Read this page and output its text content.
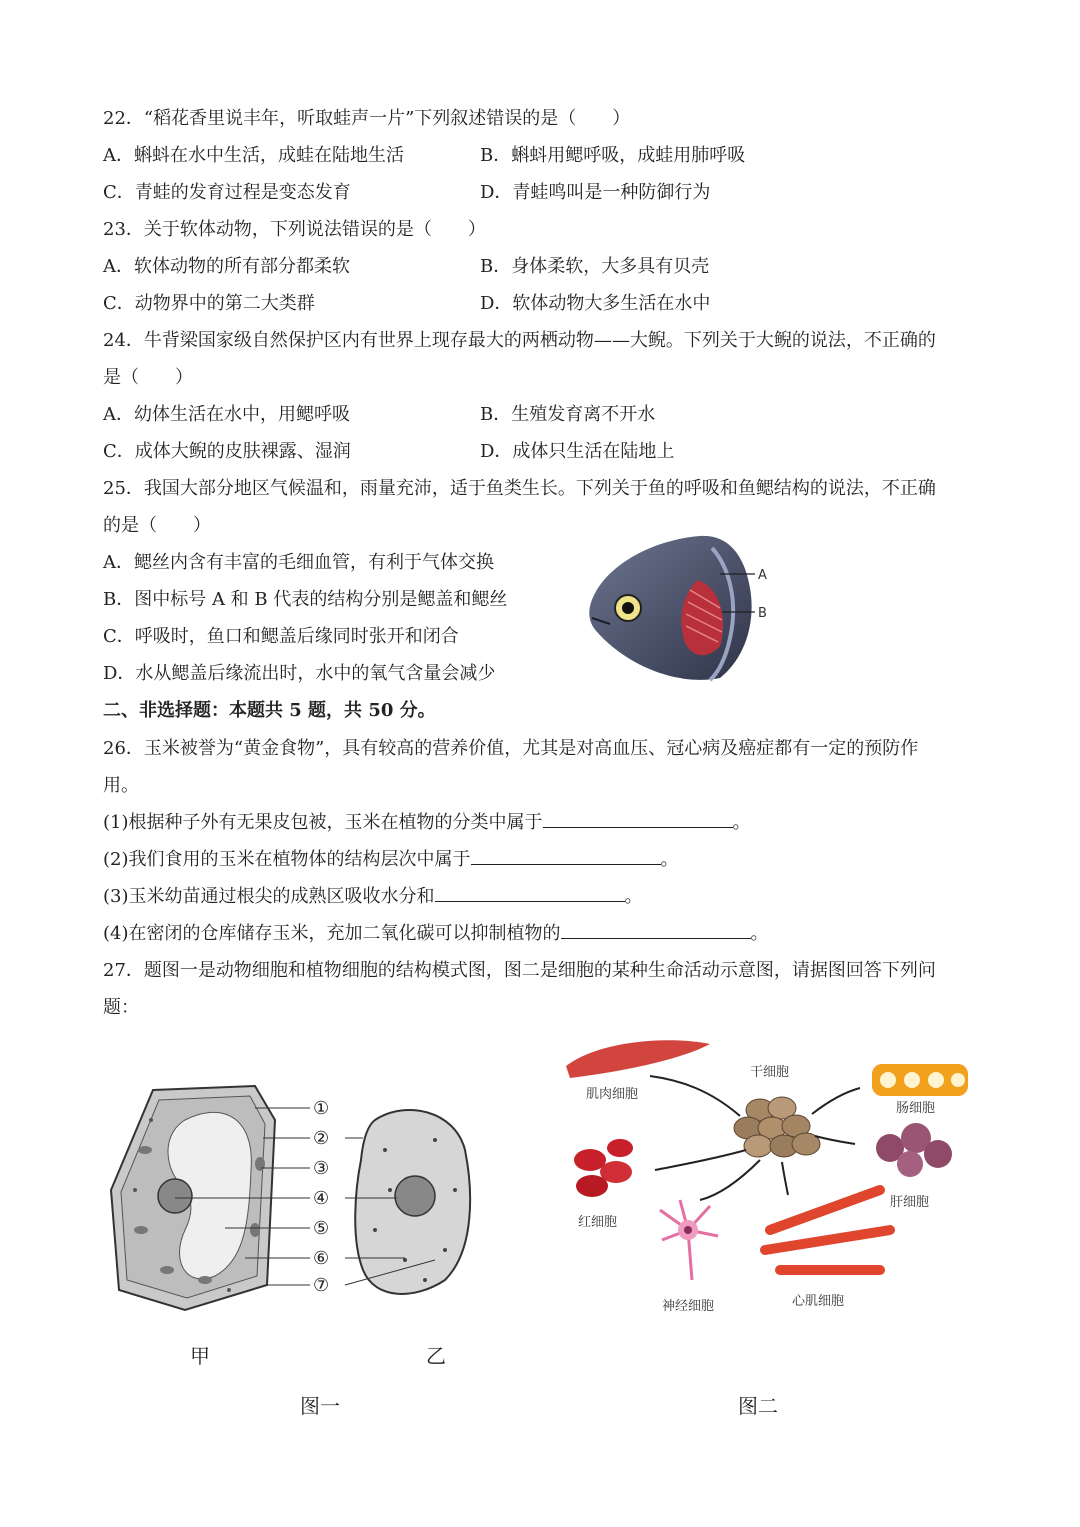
22．“稻花香里说丰年，听取蛙声一片”下列叙述错误的是（　　）
A．蝌蚪在水中生活，成蛙在陆地生活	B．蝌蚪用鳃呼吸，成蛙用肺呼吸
C．青蛙的发育过程是变态发育	D．青蛙鸣叫是一种防御行为
23．关于软体动物，下列说法错误的是（　　）
A．软体动物的所有部分都柔软	B．身体柔软，大多具有贝壳
C．动物界中的第二大类群	D．软体动物大多生活在水中
24．牛背梁国家级自然保护区内有世界上现存最大的两栖动物——大鲵。下列关于大鲵的说法，不正确的
是（　　）
A．幼体生活在水中，用鳃呼吸	B．生殖发育离不开水
C．成体大鲵的皮肤裸露、湿润	D．成体只生活在陆地上
25．我国大部分地区气候温和，雨量充沛，适于鱼类生长。下列关于鱼的呼吸和鱼鳃结构的说法，不正确
的是（　　）
A．鳃丝内含有丰富的毛细血管，有利于气体交换
B．图中标号 A 和 B 代表的结构分别是鳃盖和鳃丝
C．呼吸时，鱼口和鳃盖后缘同时张开和闭合
D．水从鳃盖后缘流出时，水中的氧气含量会减少
A
B
二、非选择题：本题共 5 题，共 50 分。
26．玉米被誉为“黄金食物”，具有较高的营养价值，尤其是对高血压、冠心病及癌症都有一定的预防作
用。
(1)根据种子外有无果皮包被，玉米在植物的分类中属于	。
(2)我们食用的玉米在植物体的结构层次中属于	。
(3)玉米幼苗通过根尖的成熟区吸收水分和	。
(4)在密闭的仓库储存玉米，充加二氧化碳可以抑制植物的	。
27．题图一是动物细胞和植物细胞的结构模式图，图二是细胞的某种生命活动示意图，请据图回答下列问
题：
①
②
③
④
⑤
⑥
⑦
甲	乙
图一
干细胞
肌肉细胞
肠细胞
肝细胞
红细胞
神经细胞	心肌细胞
图二
